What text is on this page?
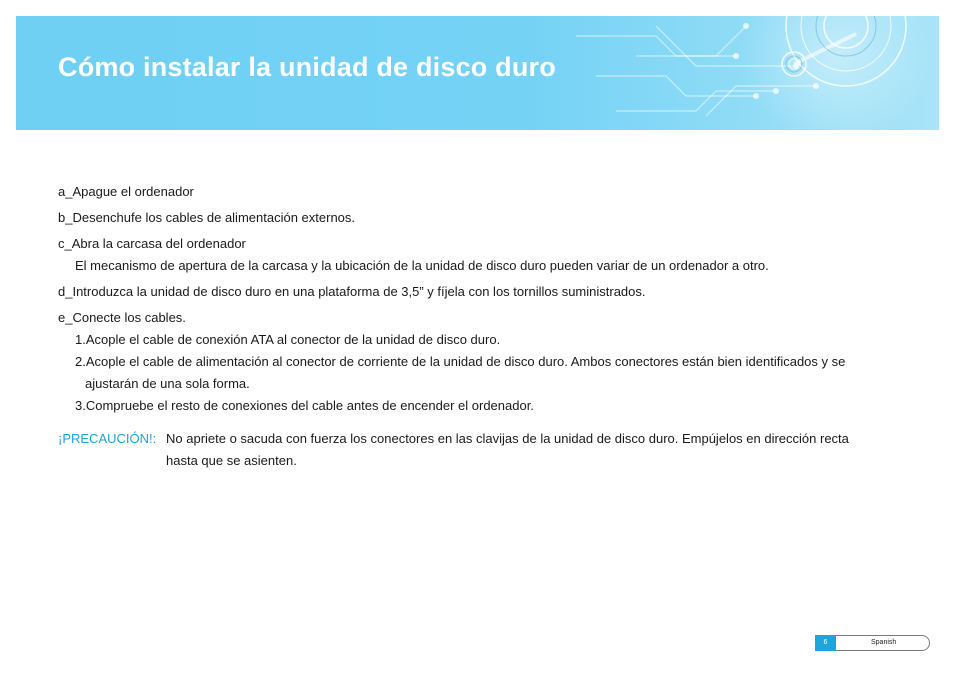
Cómo instalar la unidad de disco duro
a_Apague el ordenador
b_Desenchufe los cables de alimentación externos.
c_Abra la carcasa del ordenador
El mecanismo de apertura de la carcasa y la ubicación de la unidad de disco duro pueden variar de un ordenador a otro.
d_Introduzca la unidad de disco duro en una plataforma de 3,5” y fíjela con los tornillos suministrados.
e_Conecte los cables.
1.Acople el cable de conexión ATA al conector de la unidad de disco duro.
2.Acople el cable de alimentación al conector de corriente de la unidad de disco duro. Ambos conectores están bien identificados y se
ajustarán de una sola forma.
3.Compruebe el resto de conexiones del cable antes de encender el ordenador.
¡PRECAUCIÓN!: No apriete o sacuda con fuerza los conectores en las clavijas de la unidad de disco duro. Empújelos en dirección recta
hasta que se asienten.
6	Spanish
